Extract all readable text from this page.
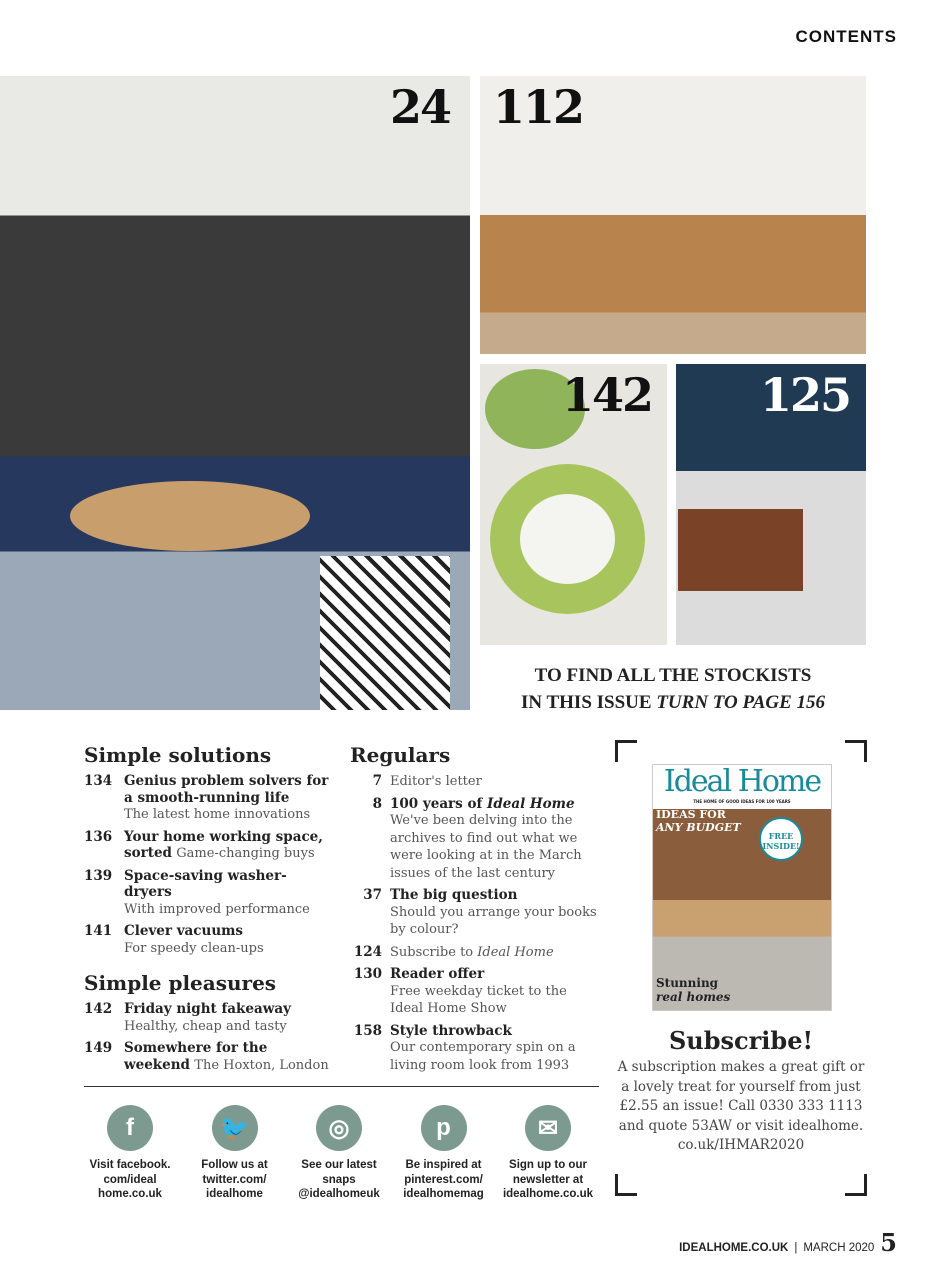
CONTENTS
24 112
142 125
TO FIND ALL THE STOCKISTS
IN THIS ISSUE TURN TO PAGE 156
Simple solutions
134 Genius problem solvers for a smooth-running life
The latest home innovations
136 Your home working space, sorted Game-changing buys
139 Space-saving washer-dryers
With improved performance
141 Clever vacuums
For speedy clean-ups
Simple pleasures
142 Friday night fakeaway
Healthy, cheap and tasty
149 Somewhere for the weekend The Hoxton, London
Regulars
7 Editor's letter
8 100 years of Ideal Home
We've been delving into the archives to find out what we were looking at in the March issues of the last century
37 The big question
Should you arrange your books by colour?
124 Subscribe to Ideal Home
130 Reader offer
Free weekday ticket to the Ideal Home Show
158 Style throwback
Our contemporary spin on a living room look from 1993
f
Visit facebook. com/ideal home.co.uk
🐦
Follow us at twitter.com/ idealhome
◎
See our latest snaps @idealhomeuk
p
Be inspired at pinterest.com/ idealhomemag
✉
Sign up to our newsletter at idealhome.co.uk
Ideal Home
THE HOME OF GOOD IDEAS FOR 100 YEARS
IDEAS FOR
ANY BUDGET
FREE INSIDE!
Stunning
real homes
Subscribe!
A subscription makes a great gift or a lovely treat for yourself from just £2.55 an issue! Call 0330 333 1113 and quote 53AW or visit idealhome. co.uk/IHMAR2020
IDEALHOME.CO.UK | MARCH 2020 5
